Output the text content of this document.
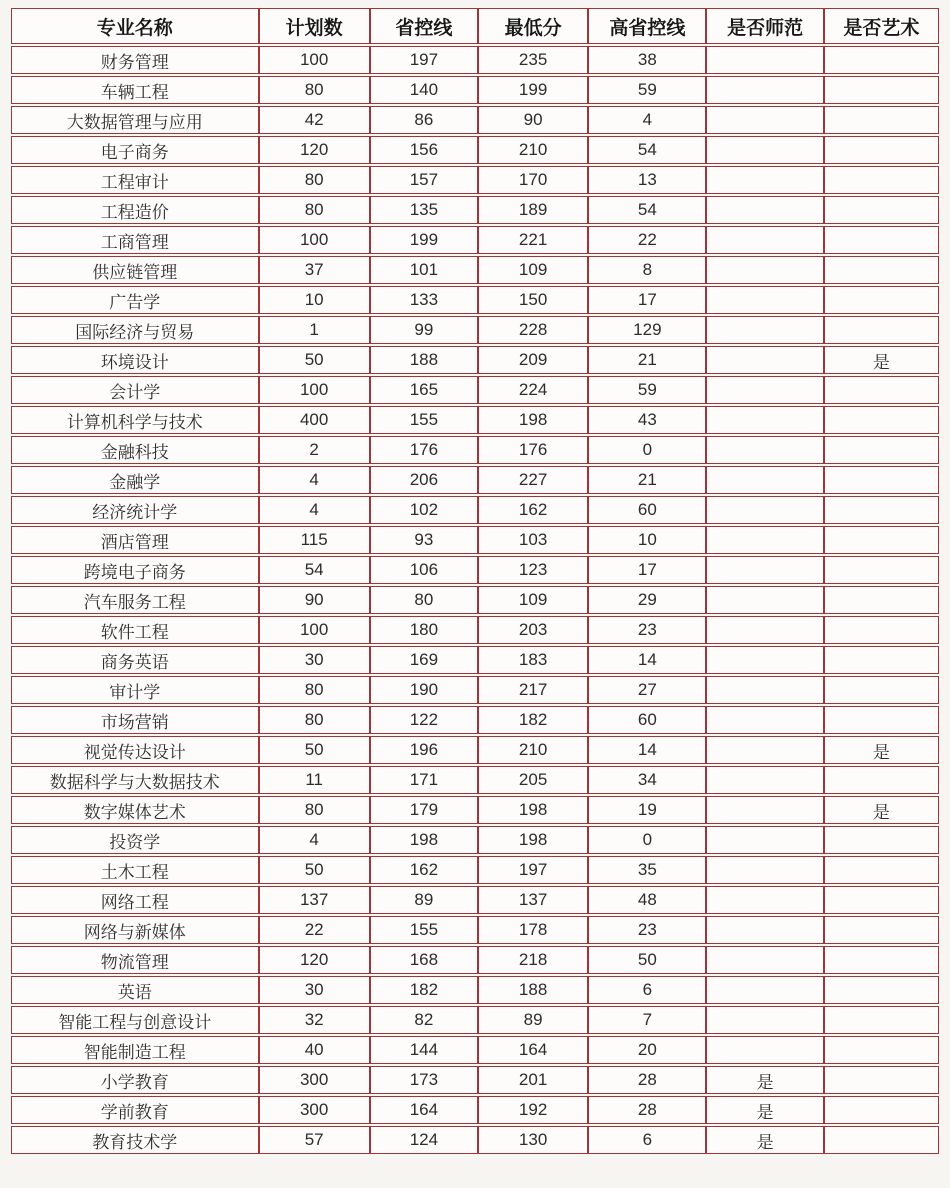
专业名称	计划数	省控线	最低分	高省控线	是否师范	是否艺术
财务管理	100	197	235	38		
车辆工程	80	140	199	59		
大数据管理与应用	42	86	90	4		
电子商务	120	156	210	54		
工程审计	80	157	170	13		
工程造价	80	135	189	54		
工商管理	100	199	221	22		
供应链管理	37	101	109	8		
广告学	10	133	150	17		
国际经济与贸易	1	99	228	129		
环境设计	50	188	209	21		是
会计学	100	165	224	59		
计算机科学与技术	400	155	198	43		
金融科技	2	176	176	0		
金融学	4	206	227	21		
经济统计学	4	102	162	60		
酒店管理	115	93	103	10		
跨境电子商务	54	106	123	17		
汽车服务工程	90	80	109	29		
软件工程	100	180	203	23		
商务英语	30	169	183	14		
审计学	80	190	217	27		
市场营销	80	122	182	60		
视觉传达设计	50	196	210	14		是
数据科学与大数据技术	11	171	205	34		
数字媒体艺术	80	179	198	19		是
投资学	4	198	198	0		
土木工程	50	162	197	35		
网络工程	137	89	137	48		
网络与新媒体	22	155	178	23		
物流管理	120	168	218	50		
英语	30	182	188	6		
智能工程与创意设计	32	82	89	7		
智能制造工程	40	144	164	20		
小学教育	300	173	201	28	是	
学前教育	300	164	192	28	是	
教育技术学	57	124	130	6	是	
